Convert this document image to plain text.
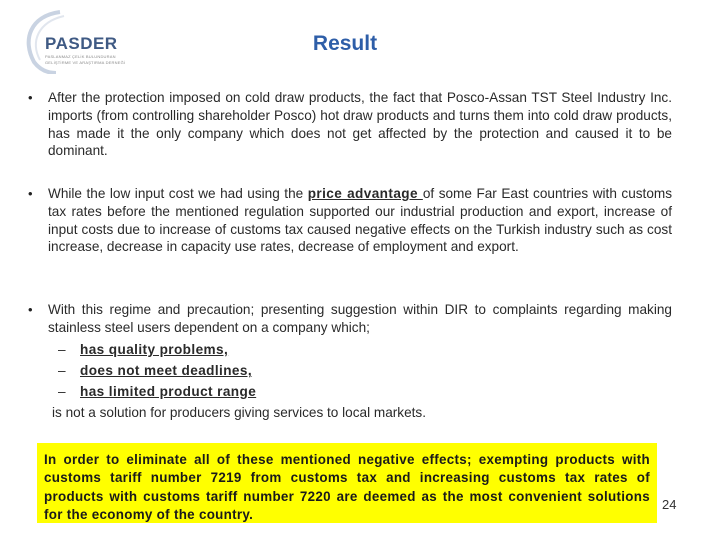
PASDER
PASLANMAZ ÇELİK BULUNDURAN
GELİŞTİRME VE ARAŞTIRMA DERNEĞİ
Result
• After the protection imposed on cold draw products, the fact that Posco-Assan TST Steel Industry Inc. imports (from controlling shareholder Posco) hot draw products and turns them into cold draw products, has made it the only company which does not get affected by the protection and caused it to be dominant.
• While the low input cost we had using the price advantage of some Far East countries with customs tax rates before the mentioned regulation supported our industrial production and export, increase of input costs due to increase of customs tax caused negative effects on the Turkish industry such as cost increase, decrease in capacity use rates, decrease of employment and export.
• With this regime and precaution; presenting suggestion within DIR to complaints regarding making stainless steel users dependent on a company which;
– has quality problems,
– does not meet deadlines,
– has limited product range
is not a solution for producers giving services to local markets.
In order to eliminate all of these mentioned negative effects; exempting products with customs tariff number 7219 from customs tax and increasing customs tax rates of products with customs tariff number 7220 are deemed as the most convenient solutions for the economy of the country.
24
